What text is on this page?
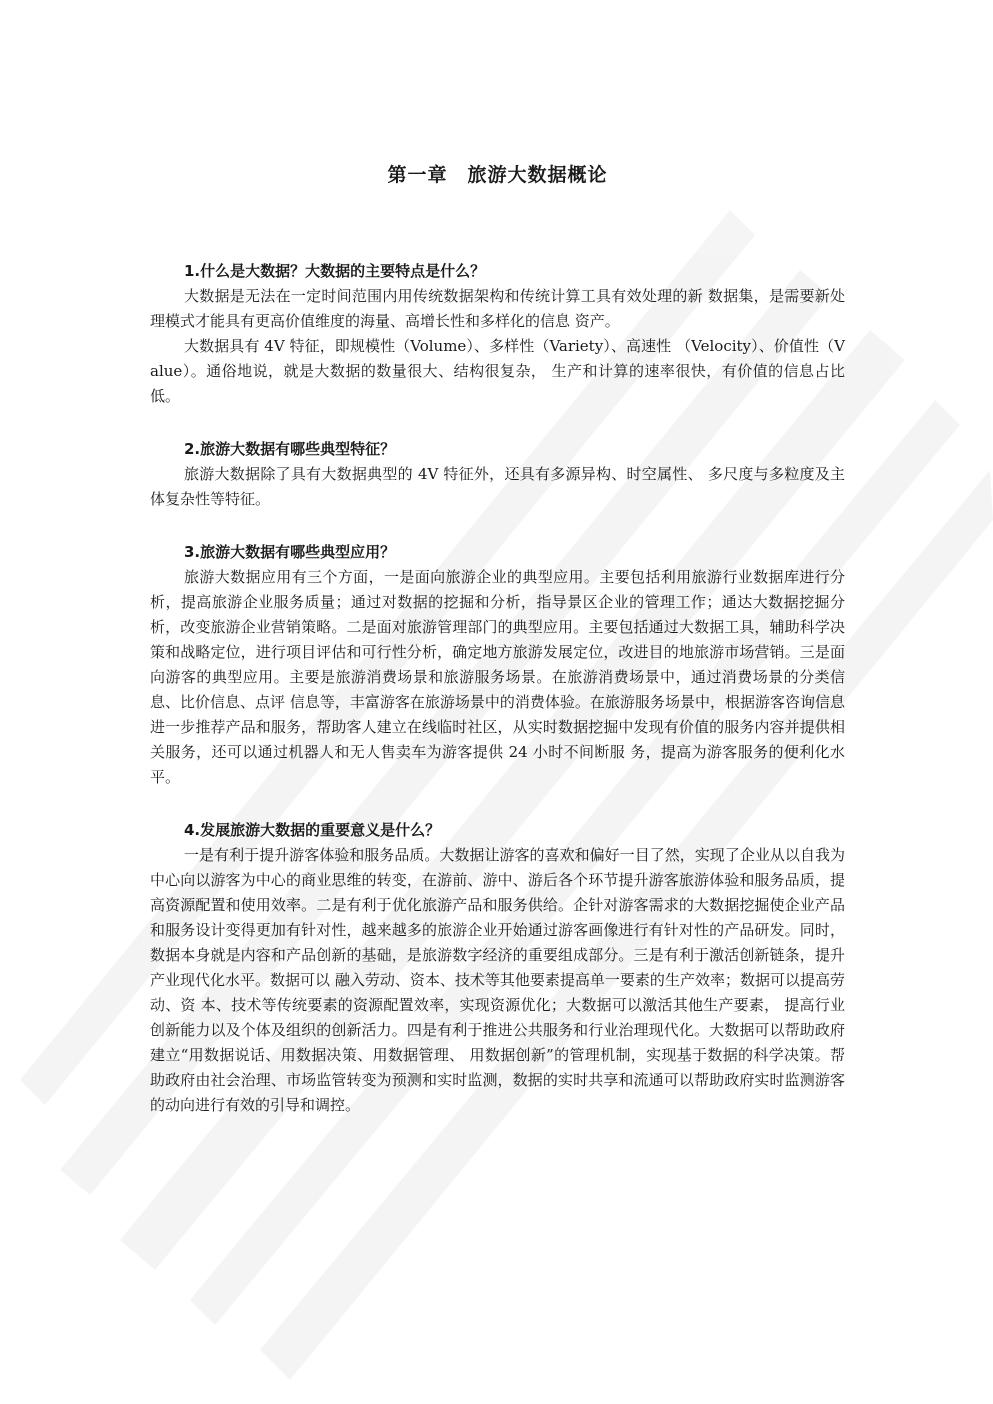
第一章　旅游大数据概论

1.什么是大数据？大数据的主要特点是什么？

大数据是无法在一定时间范围内用传统数据架构和传统计算工具有效处理的新 数据集，是需要新处理模式才能具有更高价值维度的海量、高增长性和多样化的信息 资产。

大数据具有 4V 特征，即规模性（Volume）、多样性（Variety）、高速性 （Velocity）、价值性（Value）。通俗地说，就是大数据的数量很大、结构很复杂， 生产和计算的速率很快，有价值的信息占比低。

2.旅游大数据有哪些典型特征？

旅游大数据除了具有大数据典型的 4V 特征外，还具有多源异构、时空属性、 多尺度与多粒度及主体复杂性等特征。

3.旅游大数据有哪些典型应用？

旅游大数据应用有三个方面，一是面向旅游企业的典型应用。主要包括利用旅游行业数据库进行分析，提高旅游企业服务质量；通过对数据的挖掘和分析，指导景区企业的管理工作；通达大数据挖掘分析，改变旅游企业营销策略。二是面对旅游管理部门的典型应用。主要包括通过大数据工具，辅助科学决策和战略定位，进行项目评估和可行性分析，确定地方旅游发展定位，改进目的地旅游市场营销。三是面向游客的典型应用。主要是旅游消费场景和旅游服务场景。在旅游消费场景中，通过消费场景的分类信息、比价信息、点评 信息等，丰富游客在旅游场景中的消费体验。在旅游服务场景中，根据游客咨询信息进一步推荐产品和服务，帮助客人建立在线临时社区，从实时数据挖掘中发现有价值的服务内容并提供相关服务，还可以通过机器人和无人售卖车为游客提供 24 小时不间断服 务，提高为游客服务的便利化水平。

4.发展旅游大数据的重要意义是什么？

一是有利于提升游客体验和服务品质。大数据让游客的喜欢和偏好一目了然，实现了企业从以自我为中心向以游客为中心的商业思维的转变，在游前、游中、游后各个环节提升游客旅游体验和服务品质，提高资源配置和使用效率。二是有利于优化旅游产品和服务供给。企针对游客需求的大数据挖掘使企业产品和服务设计变得更加有针对性，越来越多的旅游企业开始通过游客画像进行有针对性的产品研发。同时，数据本身就是内容和产品创新的基础，是旅游数字经济的重要组成部分。三是有利于激活创新链条，提升产业现代化水平。数据可以 融入劳动、资本、技术等其他要素提高单一要素的生产效率；数据可以提高劳动、资 本、技术等传统要素的资源配置效率，实现资源优化；大数据可以激活其他生产要素， 提高行业创新能力以及个体及组织的创新活力。四是有利于推进公共服务和行业治理现代化。大数据可以帮助政府建立“用数据说话、用数据决策、用数据管理、 用数据创新”的管理机制，实现基于数据的科学决策。帮助政府由社会治理、市场监管转变为预测和实时监测，数据的实时共享和流通可以帮助政府实时监测游客的动向进行有效的引导和调控。
